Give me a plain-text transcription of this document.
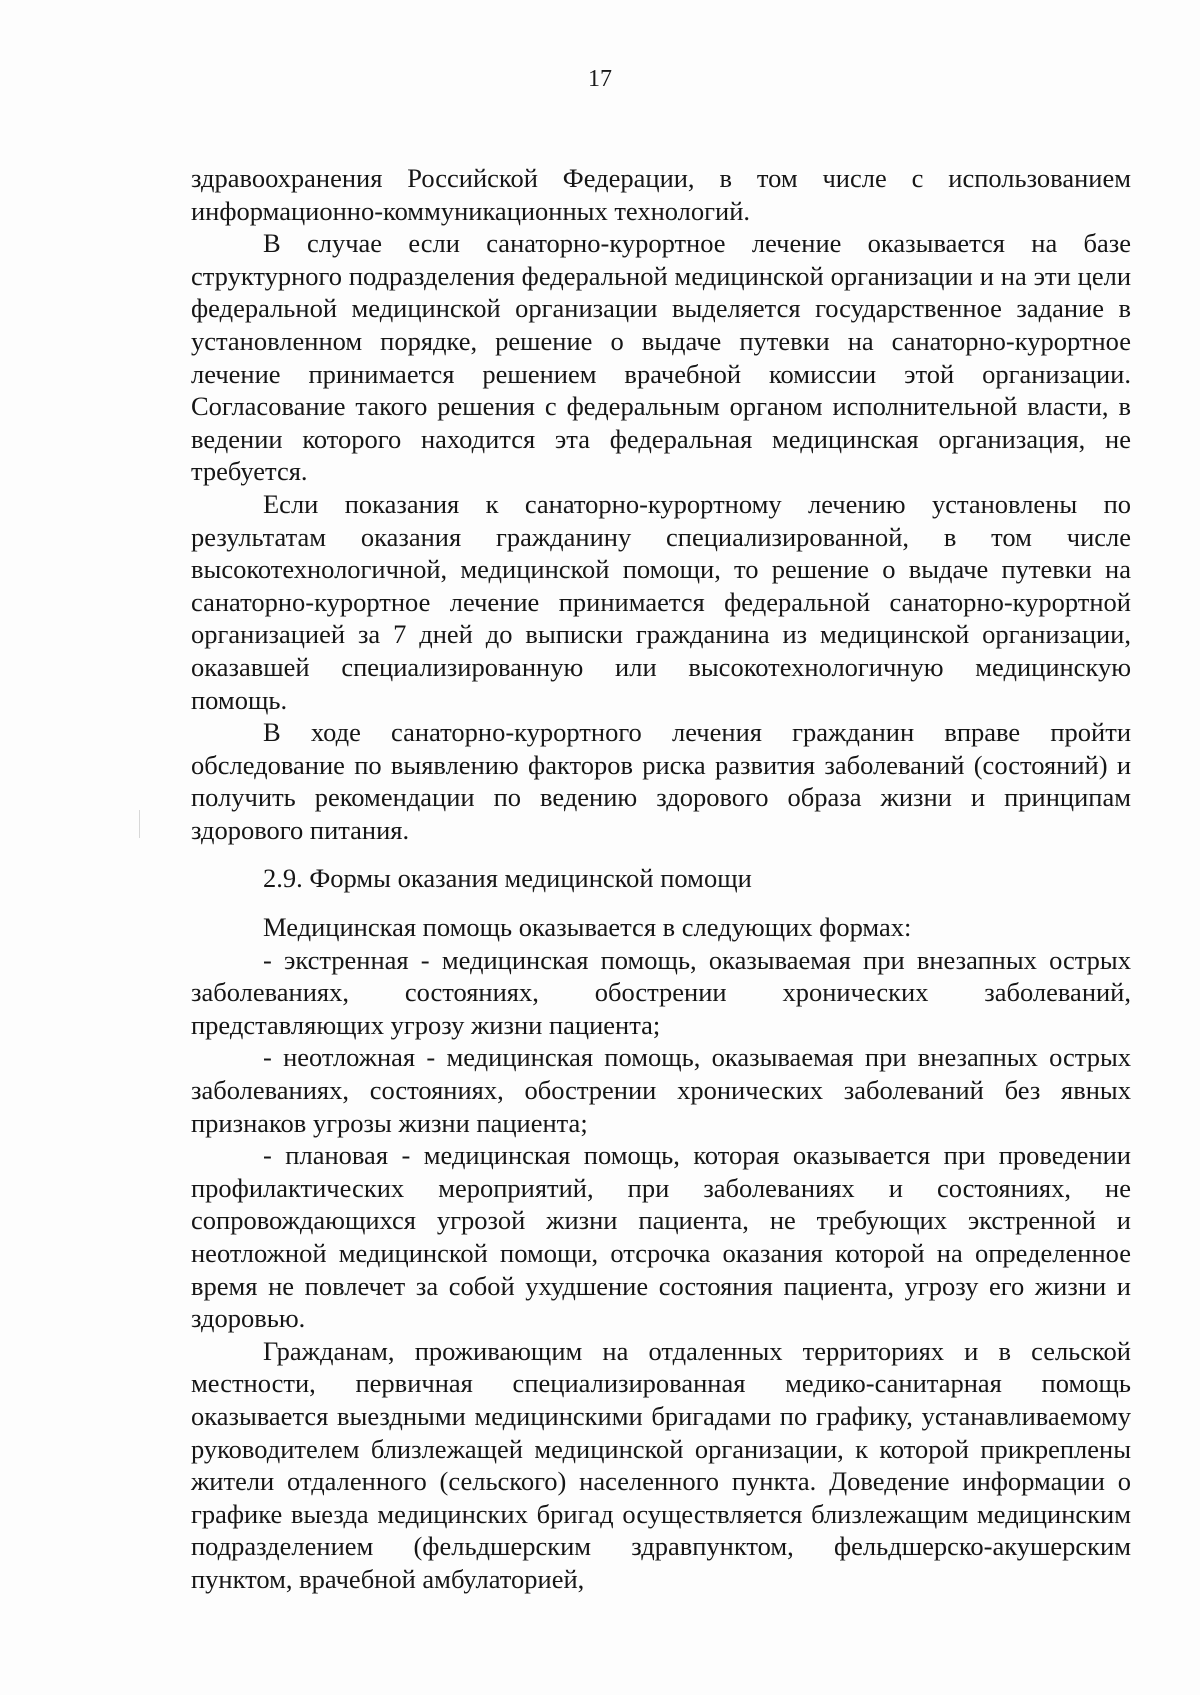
17

здравоохранения Российской Федерации, в том числе с использованием информационно-коммуникационных технологий.

В случае если санаторно-курортное лечение оказывается на базе структурного подразделения федеральной медицинской организации и на эти цели федеральной медицинской организации выделяется государственное задание в установленном порядке, решение о выдаче путевки на санаторно-курортное лечение принимается решением врачебной комиссии этой организации. Согласование такого решения с федеральным органом исполнительной власти, в ведении которого находится эта федеральная медицинская организация, не требуется.

Если показания к санаторно-курортному лечению установлены по результатам оказания гражданину специализированной, в том числе высокотехнологичной, медицинской помощи, то решение о выдаче путевки на санаторно-курортное лечение принимается федеральной санаторно-курортной организацией за 7 дней до выписки гражданина из медицинской организации, оказавшей специализированную или высокотехнологичную медицинскую помощь.

В ходе санаторно-курортного лечения гражданин вправе пройти обследование по выявлению факторов риска развития заболеваний (состояний) и получить рекомендации по ведению здорового образа жизни и принципам здорового питания.

2.9. Формы оказания медицинской помощи

Медицинская помощь оказывается в следующих формах:

- экстренная - медицинская помощь, оказываемая при внезапных острых заболеваниях, состояниях, обострении хронических заболеваний, представляющих угрозу жизни пациента;

- неотложная - медицинская помощь, оказываемая при внезапных острых заболеваниях, состояниях, обострении хронических заболеваний без явных признаков угрозы жизни пациента;

- плановая - медицинская помощь, которая оказывается при проведении профилактических мероприятий, при заболеваниях и состояниях, не сопровождающихся угрозой жизни пациента, не требующих экстренной и неотложной медицинской помощи, отсрочка оказания которой на определенное время не повлечет за собой ухудшение состояния пациента, угрозу его жизни и здоровью.

Гражданам, проживающим на отдаленных территориях и в сельской местности, первичная специализированная медико-санитарная помощь оказывается выездными медицинскими бригадами по графику, устанавливаемому руководителем близлежащей медицинской организации, к которой прикреплены жители отдаленного (сельского) населенного пункта. Доведение информации о графике выезда медицинских бригад осуществляется близлежащим медицинским подразделением (фельдшерским здравпунктом, фельдшерско-акушерским пунктом, врачебной амбулаторией,
